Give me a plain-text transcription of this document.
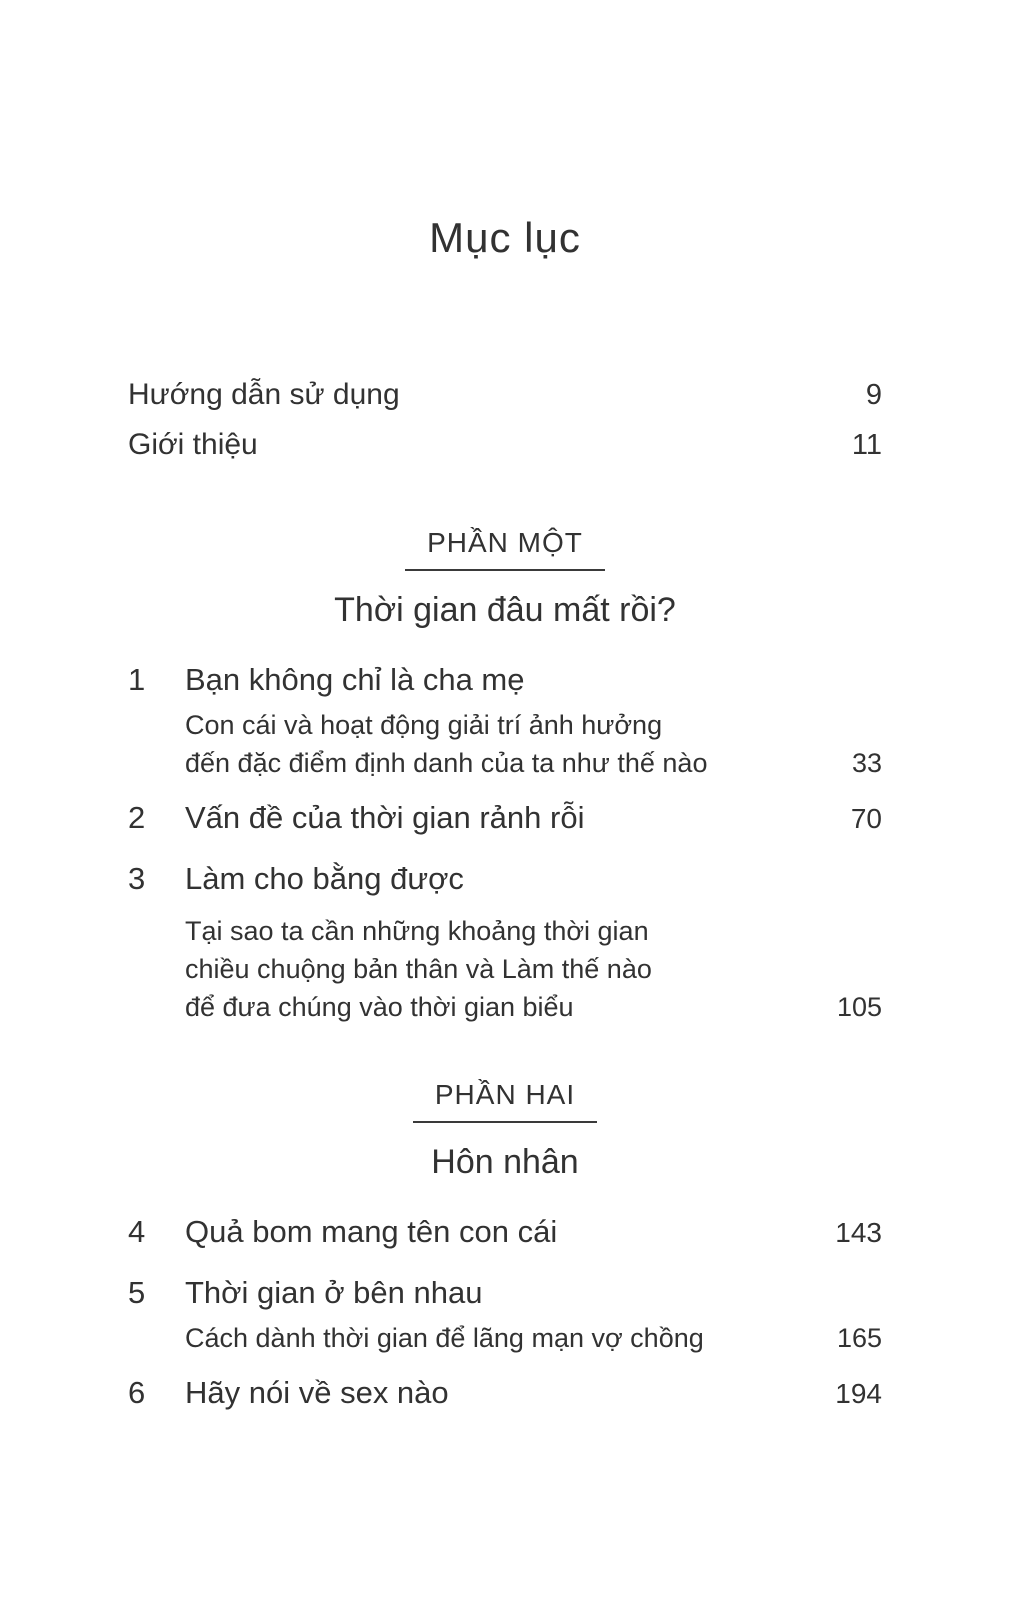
Mục lục
Hướng dẫn sử dụng	9
Giới thiệu	11
PHẦN MỘT
Thời gian đâu mất rồi?
1	Bạn không chỉ là cha mẹ
Con cái và hoạt động giải trí ảnh hưởng
đến đặc điểm định danh của ta như thế nào	33
2	Vấn đề của thời gian rảnh rỗi	70
3	Làm cho bằng được
Tại sao ta cần những khoảng thời gian
chiều chuộng bản thân và Làm thế nào
để đưa chúng vào thời gian biểu	105
PHẦN HAI
Hôn nhân
4	Quả bom mang tên con cái	143
5	Thời gian ở bên nhau
Cách dành thời gian để lãng mạn vợ chồng	165
6	Hãy nói về sex nào	194
